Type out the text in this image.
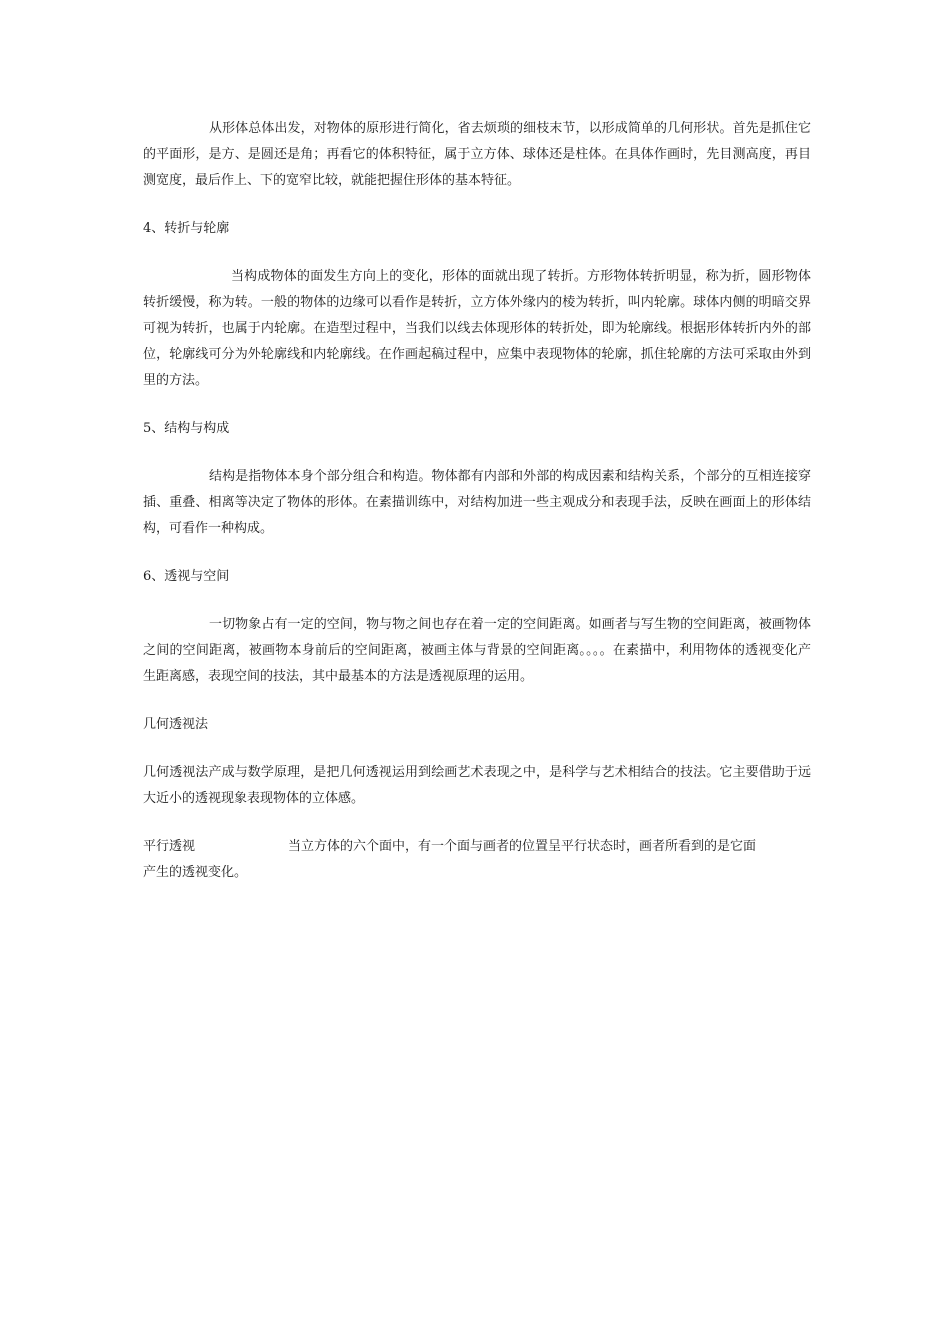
从形体总体出发，对物体的原形进行简化，省去烦琐的细枝末节，以形成简单的几何形状。首先是抓住它的平面形，是方、是圆还是角；再看它的体积特征，属于立方体、球体还是柱体。在具体作画时，先目测高度，再目测宽度，最后作上、下的宽窄比较，就能把握住形体的基本特征。

4、转折与轮廓

当构成物体的面发生方向上的变化，形体的面就出现了转折。方形物体转折明显，称为折，圆形物体转折缓慢，称为转。一般的物体的边缘可以看作是转折，立方体外缘内的棱为转折，叫内轮廓。球体内侧的明暗交界可视为转折，也属于内轮廓。在造型过程中，当我们以线去体现形体的转折处，即为轮廓线。根据形体转折内外的部位，轮廓线可分为外轮廓线和内轮廓线。在作画起稿过程中，应集中表现物体的轮廓，抓住轮廓的方法可采取由外到里的方法。

5、结构与构成

结构是指物体本身个部分组合和构造。物体都有内部和外部的构成因素和结构关系，个部分的互相连接穿插、重叠、相离等决定了物体的形体。在素描训练中，对结构加进一些主观成分和表现手法，反映在画面上的形体结构，可看作一种构成。

6、透视与空间

一切物象占有一定的空间，物与物之间也存在着一定的空间距离。如画者与写生物的空间距离，被画物体之间的空间距离，被画物本身前后的空间距离，被画主体与背景的空间距离。。。。在素描中，利用物体的透视变化产生距离感，表现空间的技法，其中最基本的方法是透视原理的运用。

几何透视法

几何透视法产成与数学原理，是把几何透视运用到绘画艺术表现之中，是科学与艺术相结合的技法。它主要借助于远大近小的透视现象表现物体的立体感。

平行透视	当立方体的六个面中，有一个面与画者的位置呈平行状态时，画者所看到的是它面

产生的透视变化。
